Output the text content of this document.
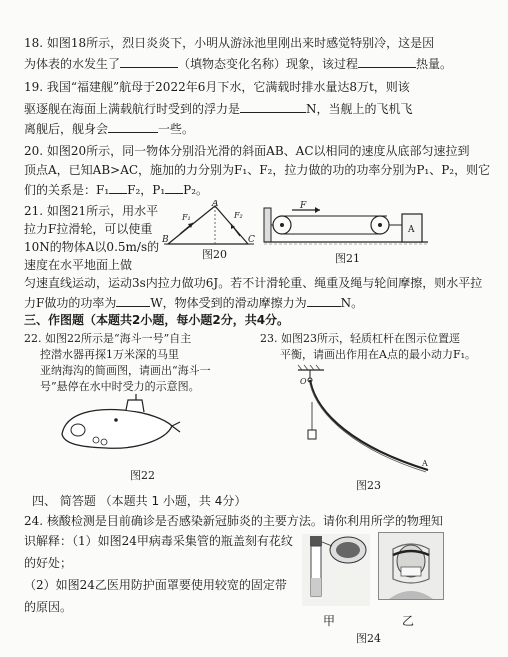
18. 如图18所示，烈日炎炎下，小明从游泳池里刚出来时感觉特别冷，这是因
为体表的水发生了	（填物态变化名称）现象，该过程	热量。
19. 我国“福建舰”航母于2022年6月下水，它满载时排水量达8万t，则该
驱逐舰在海面上满载航行时受到的浮力是	N，当舰上的飞机飞
离舰后，舰身会	一些。
20. 如图20所示，同一物体分别沿光滑的斜面AB、AC以相同的速度从底部匀速拉到
顶点A，已知AB>AC，施加的力分别为F₁、F₂，拉力做的功的功率分别为P₁、P₂，则它
们的关系是：F₁ F₂，P₁ P₂。
21. 如图21所示，用水平
拉力F拉滑轮，可以使重
10N的物体A以0.5m/s的
速度在水平地面上做
A
B	C
F₁	F₂
图20
F
A
图21
匀速直线运动，运动3s内拉力做功6J。若不计滑轮重、绳重及绳与轮间摩擦，则水平拉
力F做功的功率为	W，物体受到的滑动摩擦力为	N。
三、作图题（本题共2小题，每小题2分，共4分。
22. 如图22所示是“海斗一号”自主
控潜水器再探1万米深的马里
亚纳海沟的简画图，请画出“海斗一
号”悬停在水中时受力的示意图。
23. 如图23所示，轻质杠杆在图示位置逕
平衡，请画出作用在A点的最小动力F₁。
图22
O
A
图23
四、 简答题 （本题共 1 小题，共 4分）
24. 核酸检测是目前确诊是否感染新冠肺炎的主要方法。请你利用所学的物理知
识解释：（1）如图24甲病毒采集管的瓶盖刻有花纹
的好处；
（2）如图24乙医用防护面罩要使用较宽的固定带
的原因。
甲	乙
图24
